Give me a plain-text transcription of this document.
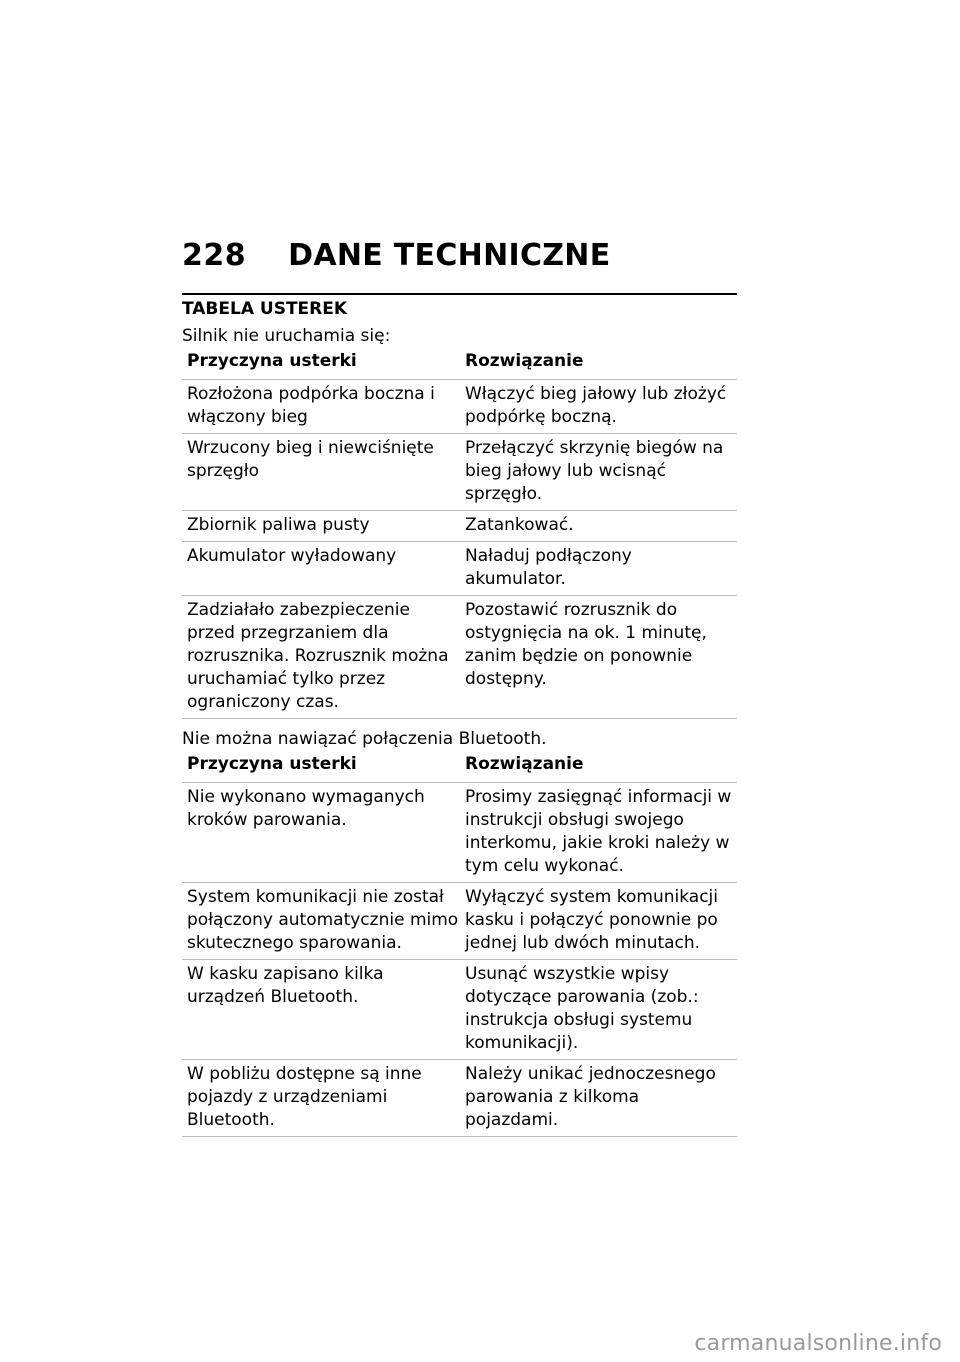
228 DANE TECHNICZNE
TABELA USTEREK

Silnik nie uruchamia się:

Przyczyna usterki	Rozwiązanie
Rozłożona podpórka boczna i włączony bieg	Włączyć bieg jałowy lub złożyć podpórkę boczną.
Wrzucony bieg i niewciśnięte sprzęgło	Przełączyć skrzynię biegów na bieg jałowy lub wcisnąć sprzęgło.
Zbiornik paliwa pusty	Zatankować.
Akumulator wyładowany	Naładuj podłączony akumulator.
Zadziałało zabezpieczenie przed przegrzaniem dla rozrusznika. Rozrusznik można uruchamiać tylko przez ograniczony czas.	Pozostawić rozrusznik do ostygnięcia na ok. 1 minutę, zanim będzie on ponownie dostępny.

Nie można nawiązać połączenia Bluetooth.

Przyczyna usterki	Rozwiązanie
Nie wykonano wymaganych kroków parowania.	Prosimy zasięgnąć informacji w instrukcji obsługi swojego interkomu, jakie kroki należy w tym celu wykonać.
System komunikacji nie został połączony automatycznie mimo skutecznego sparowania.	Wyłączyć system komunikacji kasku i połączyć ponownie po jednej lub dwóch minutach.
W kasku zapisano kilka urządzeń Bluetooth.	Usunąć wszystkie wpisy dotyczące parowania (zob.: instrukcja obsługi systemu komunikacji).
W pobliżu dostępne są inne pojazdy z urządzeniami Bluetooth.	Należy unikać jednoczesnego parowania z kilkoma pojazdami.
carmanualsonline.info
